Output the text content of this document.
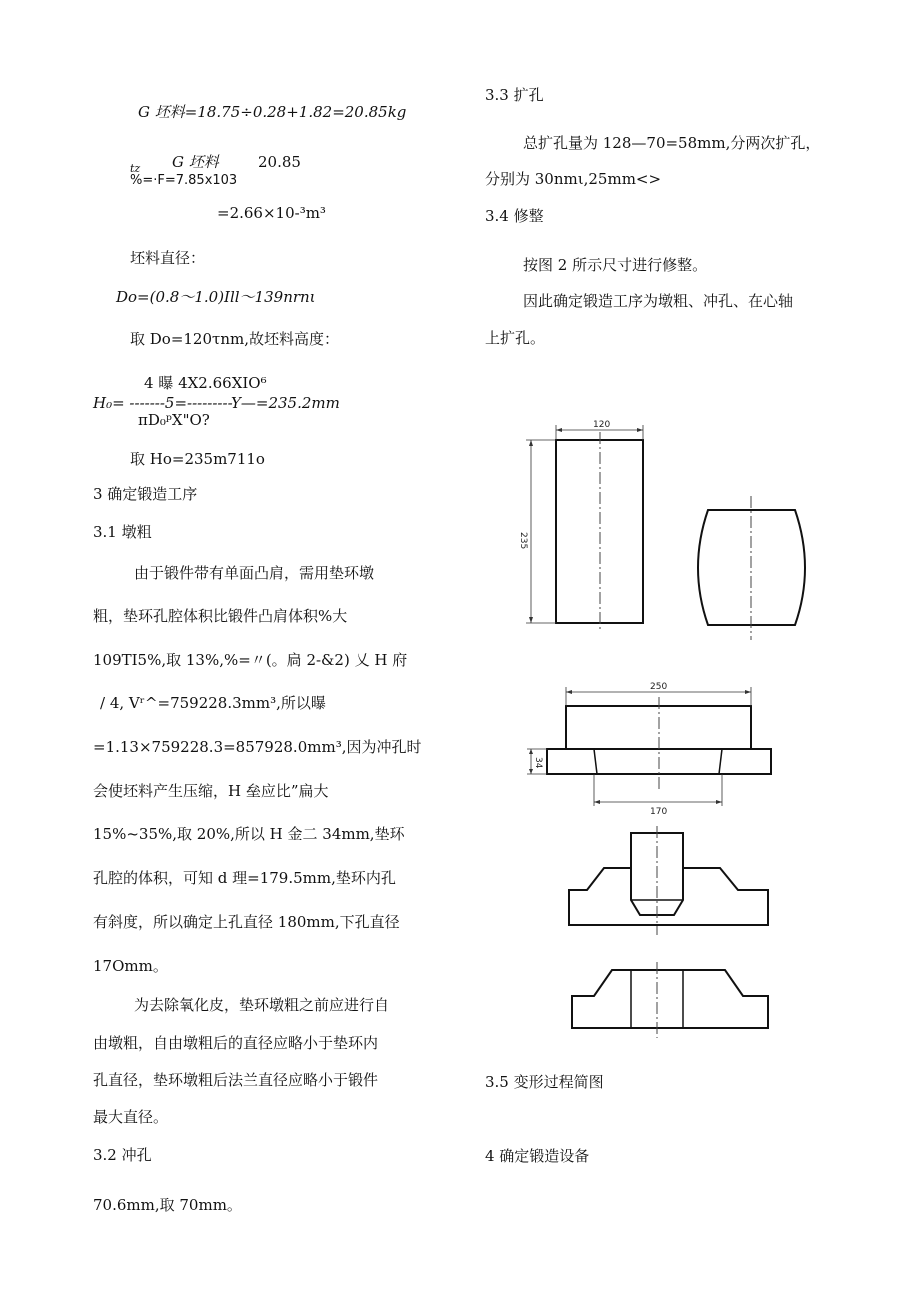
G 坯料=18.75÷0.28+1.82=20.85kg
tz G 坯料	20.85
%=·F=7.85x103
=2.66×10-³m³
坯料直径：
Do=(0.8～1.0)Ill～139nrnι
取 Do=120τnm,故坯料高度：
4 曝 4X2.66XIO⁶
H₀= -------5=---------Y—=235.2mm
πD₀ᵖX"O?
取 Ho=235m711o
3 确定锻造工序
3.1 墩粗
由于锻件带有单面凸肩，需用垫环墩
粗，垫环孔腔体积比锻件凸肩体积%大
109TI5%,取 13%,%=〃(。扃 2-&2) 乂 H 府
/ 4, Vʳ^=759228.3mm³,所以曝
=1.13×759228.3=857928.0mm³,因为冲孔时
会使坯料产生压缩，H 垒应比”扁大
15%~35%,取 20%,所以 H 金二 34mm,垫环
孔腔的体积，可知 d 理=179.5mm,垫环内孔
有斜度，所以确定上孔直径 180mm,下孔直径
17Omm。
为去除氧化皮，垫环墩粗之前应进行自
由墩粗，自由墩粗后的直径应略小于垫环内
孔直径，垫环墩粗后法兰直径应略小于锻件
最大直径。
3.2 冲孔
70.6mm,取 70mm。
3.3 扩孔
总扩孔量为 128—70=58mm,分两次扩孔，
分别为 30nmι,25mm<>
3.4 修整
按图 2 所示尺寸进行修整。
因此确定锻造工序为墩粗、冲孔、在心轴
上扩孔。
3.5 变形过程简图
4 确定锻造设备
120
235
250
34
170
